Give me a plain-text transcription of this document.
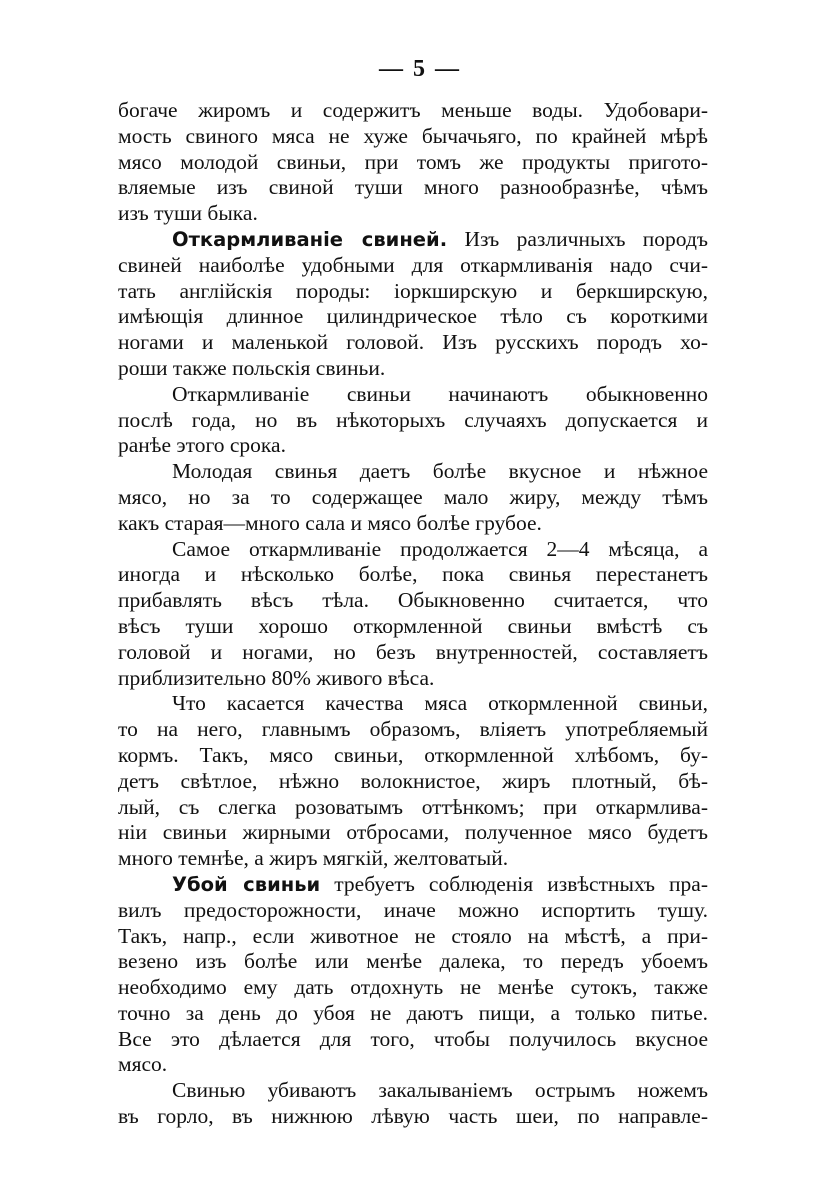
— 5 —
богаче жиромъ и содержитъ меньше воды. Удобовари-
мость свиного мяса не хуже бычачьяго, по крайней мѣрѣ
мясо молодой свиньи, при томъ же продукты пригото-
вляемые изъ свиной туши много разнообразнѣе, чѣмъ
изъ туши быка.
Откармливаніе свиней. Изъ различныхъ породъ
свиней наиболѣе удобными для откармливанія надо счи-
тать англійскія породы: іоркширскую и беркширскую,
имѣющія длинное цилиндрическое тѣло съ короткими
ногами и маленькой головой. Изъ русскихъ породъ хо-
роши также польскія свиньи.
Откармливаніе свиньи начинаютъ обыкновенно
послѣ года, но въ нѣкоторыхъ случаяхъ допускается и
ранѣе этого срока.
Молодая свинья даетъ болѣе вкусное и нѣжное
мясо, но за то содержащее мало жиру, между тѣмъ
какъ старая—много сала и мясо болѣе грубое.
Самое откармливаніе продолжается 2—4 мѣсяца, а
иногда и нѣсколько болѣе, пока свинья перестанетъ
прибавлять вѣсъ тѣла. Обыкновенно считается, что
вѣсъ туши хорошо откормленной свиньи вмѣстѣ съ
головой и ногами, но безъ внутренностей, составляетъ
приблизительно 80% живого вѣса.
Что касается качества мяса откормленной свиньи,
то на него, главнымъ образомъ, вліяетъ употребляемый
кормъ. Такъ, мясо свиньи, откормленной хлѣбомъ, бу-
детъ свѣтлое, нѣжно волокнистое, жиръ плотный, бѣ-
лый, съ слегка розоватымъ оттѣнкомъ; при откармлива-
ніи свиньи жирными отбросами, полученное мясо будетъ
много темнѣе, а жиръ мягкій, желтоватый.
Убой свиньи требуетъ соблюденія извѣстныхъ пра-
вилъ предосторожности, иначе можно испортить тушу.
Такъ, напр., если животное не стояло на мѣстѣ, а при-
везено изъ болѣе или менѣе далека, то передъ убоемъ
необходимо ему дать отдохнуть не менѣе сутокъ, также
точно за день до убоя не даютъ пищи, а только питье.
Все это дѣлается для того, чтобы получилось вкусное
мясо.
Свинью убиваютъ закалываніемъ острымъ ножемъ
въ горло, въ нижнюю лѣвую часть шеи, по направле-
